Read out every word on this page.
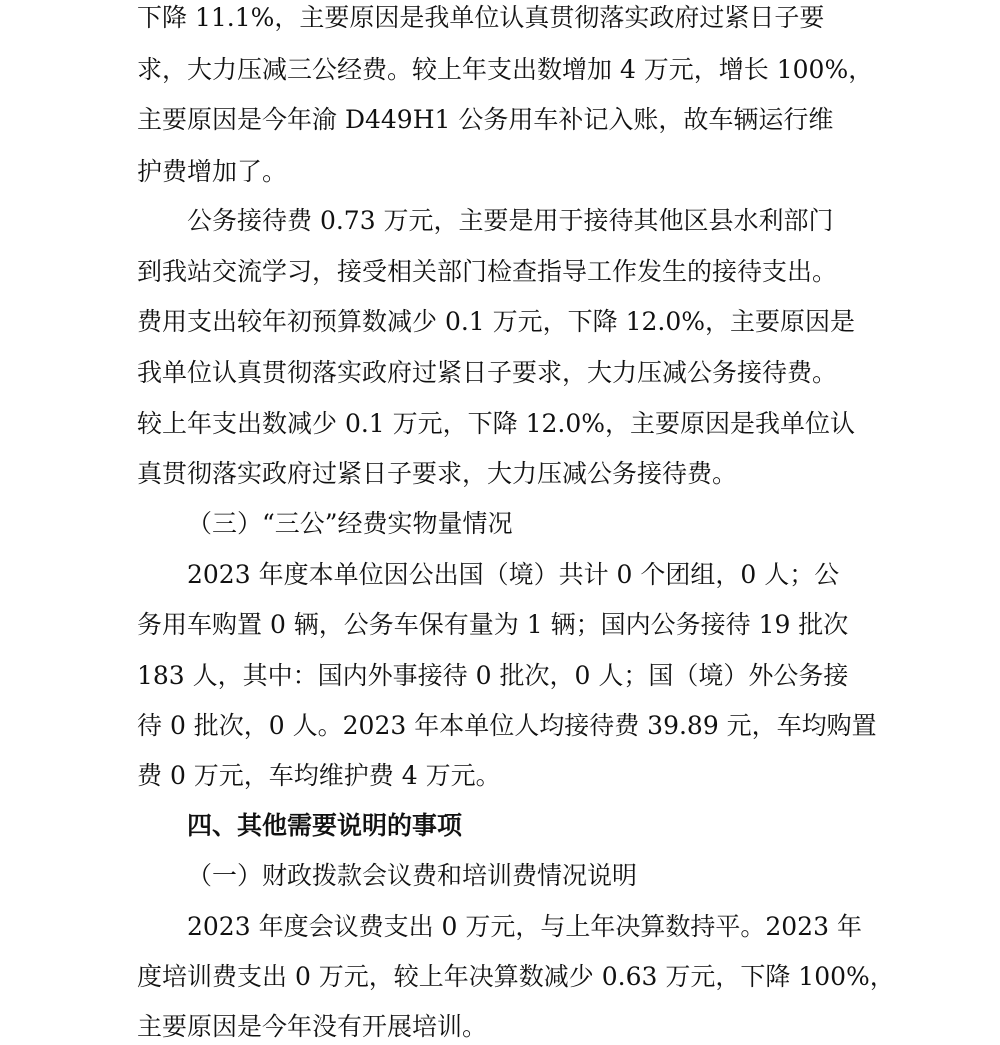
下降 11.1%，主要原因是我单位认真贯彻落实政府过紧日子要
求，大力压减三公经费。较上年支出数增加 4 万元，增长 100%，
主要原因是今年渝 D449H1 公务用车补记入账，故车辆运行维
护费增加了。
公务接待费 0.73 万元，主要是用于接待其他区县水利部门
到我站交流学习，接受相关部门检查指导工作发生的接待支出。
费用支出较年初预算数减少 0.1 万元，下降 12.0%，主要原因是
我单位认真贯彻落实政府过紧日子要求，大力压减公务接待费。
较上年支出数减少 0.1 万元，下降 12.0%，主要原因是我单位认
真贯彻落实政府过紧日子要求，大力压减公务接待费。
（三）“三公”经费实物量情况
2023 年度本单位因公出国（境）共计 0 个团组，0 人；公
务用车购置 0 辆，公务车保有量为 1 辆；国内公务接待 19 批次
183 人，其中：国内外事接待 0 批次，0 人；国（境）外公务接
待 0 批次，0 人。2023 年本单位人均接待费 39.89 元，车均购置
费 0 万元，车均维护费 4 万元。
四、其他需要说明的事项
（一）财政拨款会议费和培训费情况说明
2023 年度会议费支出 0 万元，与上年决算数持平。2023 年
度培训费支出 0 万元，较上年决算数减少 0.63 万元，下降 100%，
主要原因是今年没有开展培训。
